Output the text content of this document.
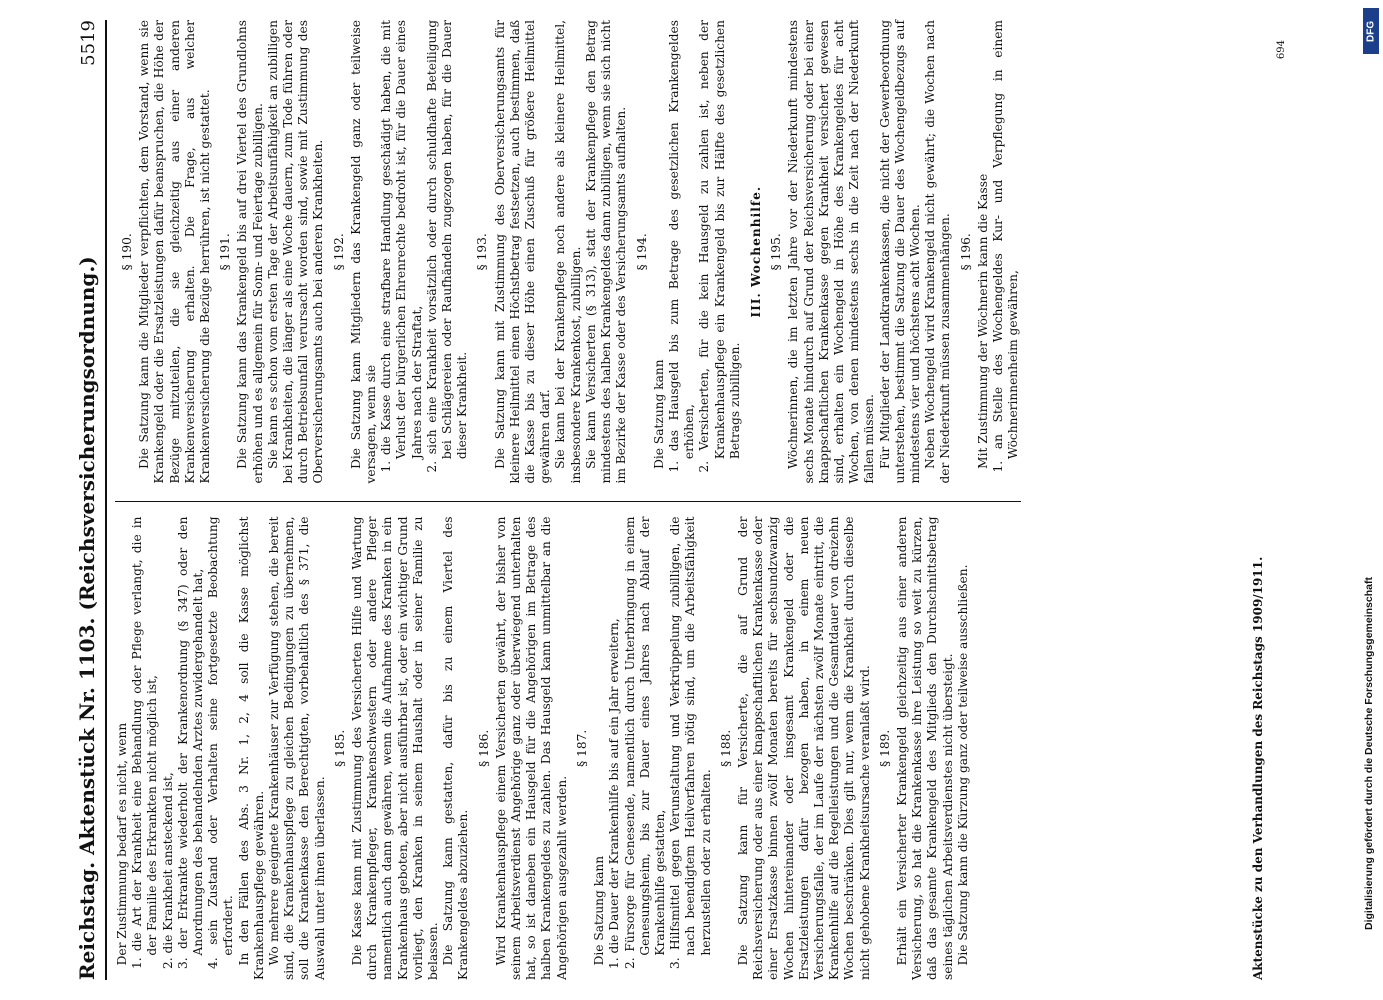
Reichstag. Aktenstück Nr. 1103. (Reichsversicherungsordnung.)
5519

Der Zustimmung bedarf es nicht, wenn 1. die Art der Krankheit eine Behandlung oder Pflege verlangt, die in der Familie des Erkrankten nicht möglich ist, 2. die Krankheit ansteckend ist, 3. der Erkrankte wiederholt der Krankenordnung (§ 347) oder den Anordnungen des behandelnden Arztes zuwidergehandelt hat, 4. sein Zustand oder Verhalten seine fortgesetzte Beobachtung erfordert. In den Fällen des Abs. 3 Nr. 1, 2, 4 soll die Kasse möglichst Krankenhauspflege gewähren. Wo mehrere geeignete Krankenhäuser zur Verfügung stehen, die bereit sind, die Krankenhauspflege zu gleichen Bedingungen zu übernehmen, soll die Krankenkasse den Berechtigten, vorbehaltlich des § 371, die Auswahl unter ihnen überlassen.

§ 185. Die Kasse kann mit Zustimmung des Versicherten Hilfe und Wartung durch Krankenpfleger, Krankenschwestern oder andere Pfleger namentlich auch dann gewähren, wenn die Aufnahme des Kranken in ein Krankenhaus geboten, aber nicht ausführbar ist, oder ein wichtiger Grund vorliegt, den Kranken in seinem Haushalt oder in seiner Familie zu belassen. Die Satzung kann gestatten, dafür bis zu einem Viertel des Krankengeldes abzuziehen.

§ 186. Wird Krankenhauspflege einem Versicherten gewährt, der bisher von seinem Arbeitsverdienst Angehörige ganz oder überwiegend unterhalten hat, so ist daneben ein Hausgeld für die Angehörigen im Betrage des halben Krankengeldes zu zahlen. Das Hausgeld kann unmittelbar an die Angehörigen ausgezahlt werden.

§ 187.

Die Satzung kann 1. die Dauer der Krankenhilfe bis auf ein Jahr erweitern, 2. Fürsorge für Genesende, namentlich durch Unterbringung in einem Genesungsheim, bis zur Dauer eines Jahres nach Ablauf der Krankenhilfe gestatten, 3. Hilfsmittel gegen Verunstaltung und Verkrüppelung zubilligen, die nach beendigtem Heilverfahren nötig sind, um die Arbeitsfähigkeit herzustellen oder zu erhalten.

§ 188. Die Satzung kann für Versicherte, die auf Grund der Reichsversicherung oder aus einer knappschaftlichen Krankenkasse oder einer Ersatzkasse binnen zwölf Monaten bereits für sechsundzwanzig Wochen hintereinander oder insgesamt Krankengeld oder die Ersatzleistungen dafür bezogen haben, in einem neuen Versicherungsfalle, der im Laufe der nächsten zwölf Monate eintritt, die Krankenhilfe auf die Regelleistungen und die Gesamtdauer von dreizehn Wochen beschränken. Dies gilt nur, wenn die Krankheit durch dieselbe nicht gehobene Krankheitsursache veranlaßt wird. § 189. Erhält ein Versicherter Krankengeld gleichzeitig aus einer anderen Versicherung, so hat die Krankenkasse ihre Leistung so weit zu kürzen, daß das gesamte Krankengeld des Mitglieds den Durchschnittsbetrag seines täglichen Arbeitsverdienstes nicht übersteigt. Die Satzung kann die Kürzung ganz oder teilweise ausschließen.

§ 190. Die Satzung kann die Mitglieder verpflichten, dem Vorstand, wenn sie Krankengeld oder die Ersatzleistungen dafür beanspruchen, die Höhe der Bezüge mitzuteilen, die sie gleichzeitig aus einer anderen Krankenversicherung erhalten. Die Frage, aus welcher Krankenversicherung die Bezüge herrühren, ist nicht gestattet. § 191. Die Satzung kann das Krankengeld bis auf drei Viertel des Grundlohns erhöhen und es allgemein für Sonn- und Feiertage zubilligen. Sie kann es schon vom ersten Tage der Arbeitsunfähigkeit an zubilligen bei Krankheiten, die länger als eine Woche dauern, zum Tode führen oder durch Betriebsunfall verursacht worden sind, sowie mit Zustimmung des Oberversicherungsamts auch bei anderen Krankheiten. § 192. Die Satzung kann Mitgliedern das Krankengeld ganz oder teilweise versagen, wenn sie 1. die Kasse durch eine strafbare Handlung geschädigt haben, die mit Verlust der bürgerlichen Ehrenrechte bedroht ist, für die Dauer eines Jahres nach der Straftat, 2. sich eine Krankheit vorsätzlich oder durch schuldhafte Beteiligung bei Schlägereien oder Raufhändeln zugezogen haben, für die Dauer dieser Krankheit.

§ 193. Die Satzung kann mit Zustimmung des Oberversicherungsamts für kleinere Heilmittel einen Höchstbetrag festsetzen, auch bestimmen, daß die Kasse bis zu dieser Höhe einen Zuschuß für größere Heilmittel gewähren darf. Sie kann bei der Krankenpflege noch andere als kleinere Heilmittel, insbesondere Krankenkost, zubilligen. Sie kann Versicherten (§ 313), statt der Krankenpflege den Betrag mindestens des halben Krankengeldes dann zubilligen, wenn sie sich nicht im Bezirke der Kasse oder des Versicherungsamts aufhalten. § 194.

Die Satzung kann 1. das Hausgeld bis zum Betrage des gesetzlichen Krankengeldes erhöhen, 2. Versicherten, für die kein Hausgeld zu zahlen ist, neben der Krankenhauspflege ein Krankengeld bis zur Hälfte des gesetzlichen Betrags zubilligen.

III. Wochenhilfe. § 195. Wöchnerinnen, die im letzten Jahre vor der Niederkunft mindestens sechs Monate hindurch auf Grund der Reichsversicherung oder bei einer knappschaftlichen Krankenkasse gegen Krankheit versichert gewesen sind, erhalten ein Wochengeld in Höhe des Krankengeldes für acht Wochen, von denen mindestens sechs in die Zeit nach der Niederkunft fallen müssen. Für Mitglieder der Landkrankenkassen, die nicht der Gewerbeordnung unterstehen, bestimmt die Satzung die Dauer des Wochengeldbezugs auf mindestens vier und höchstens acht Wochen. Neben Wochengeld wird Krankengeld nicht gewährt; die Wochen nach der Niederkunft müssen zusammenhängen. § 196. Mit Zustimmung der Wöchnerin kann die Kasse 1. an Stelle des Wochengeldes Kur- und Verpflegung in einem Wöchnerinnenheim gewähren,

Aktenstücke zu den Verhandlungen des Reichstags 1909/1911.
694
DFG
Digitalisierung gefördert durch die Deutsche Forschungsgemeinschaft
